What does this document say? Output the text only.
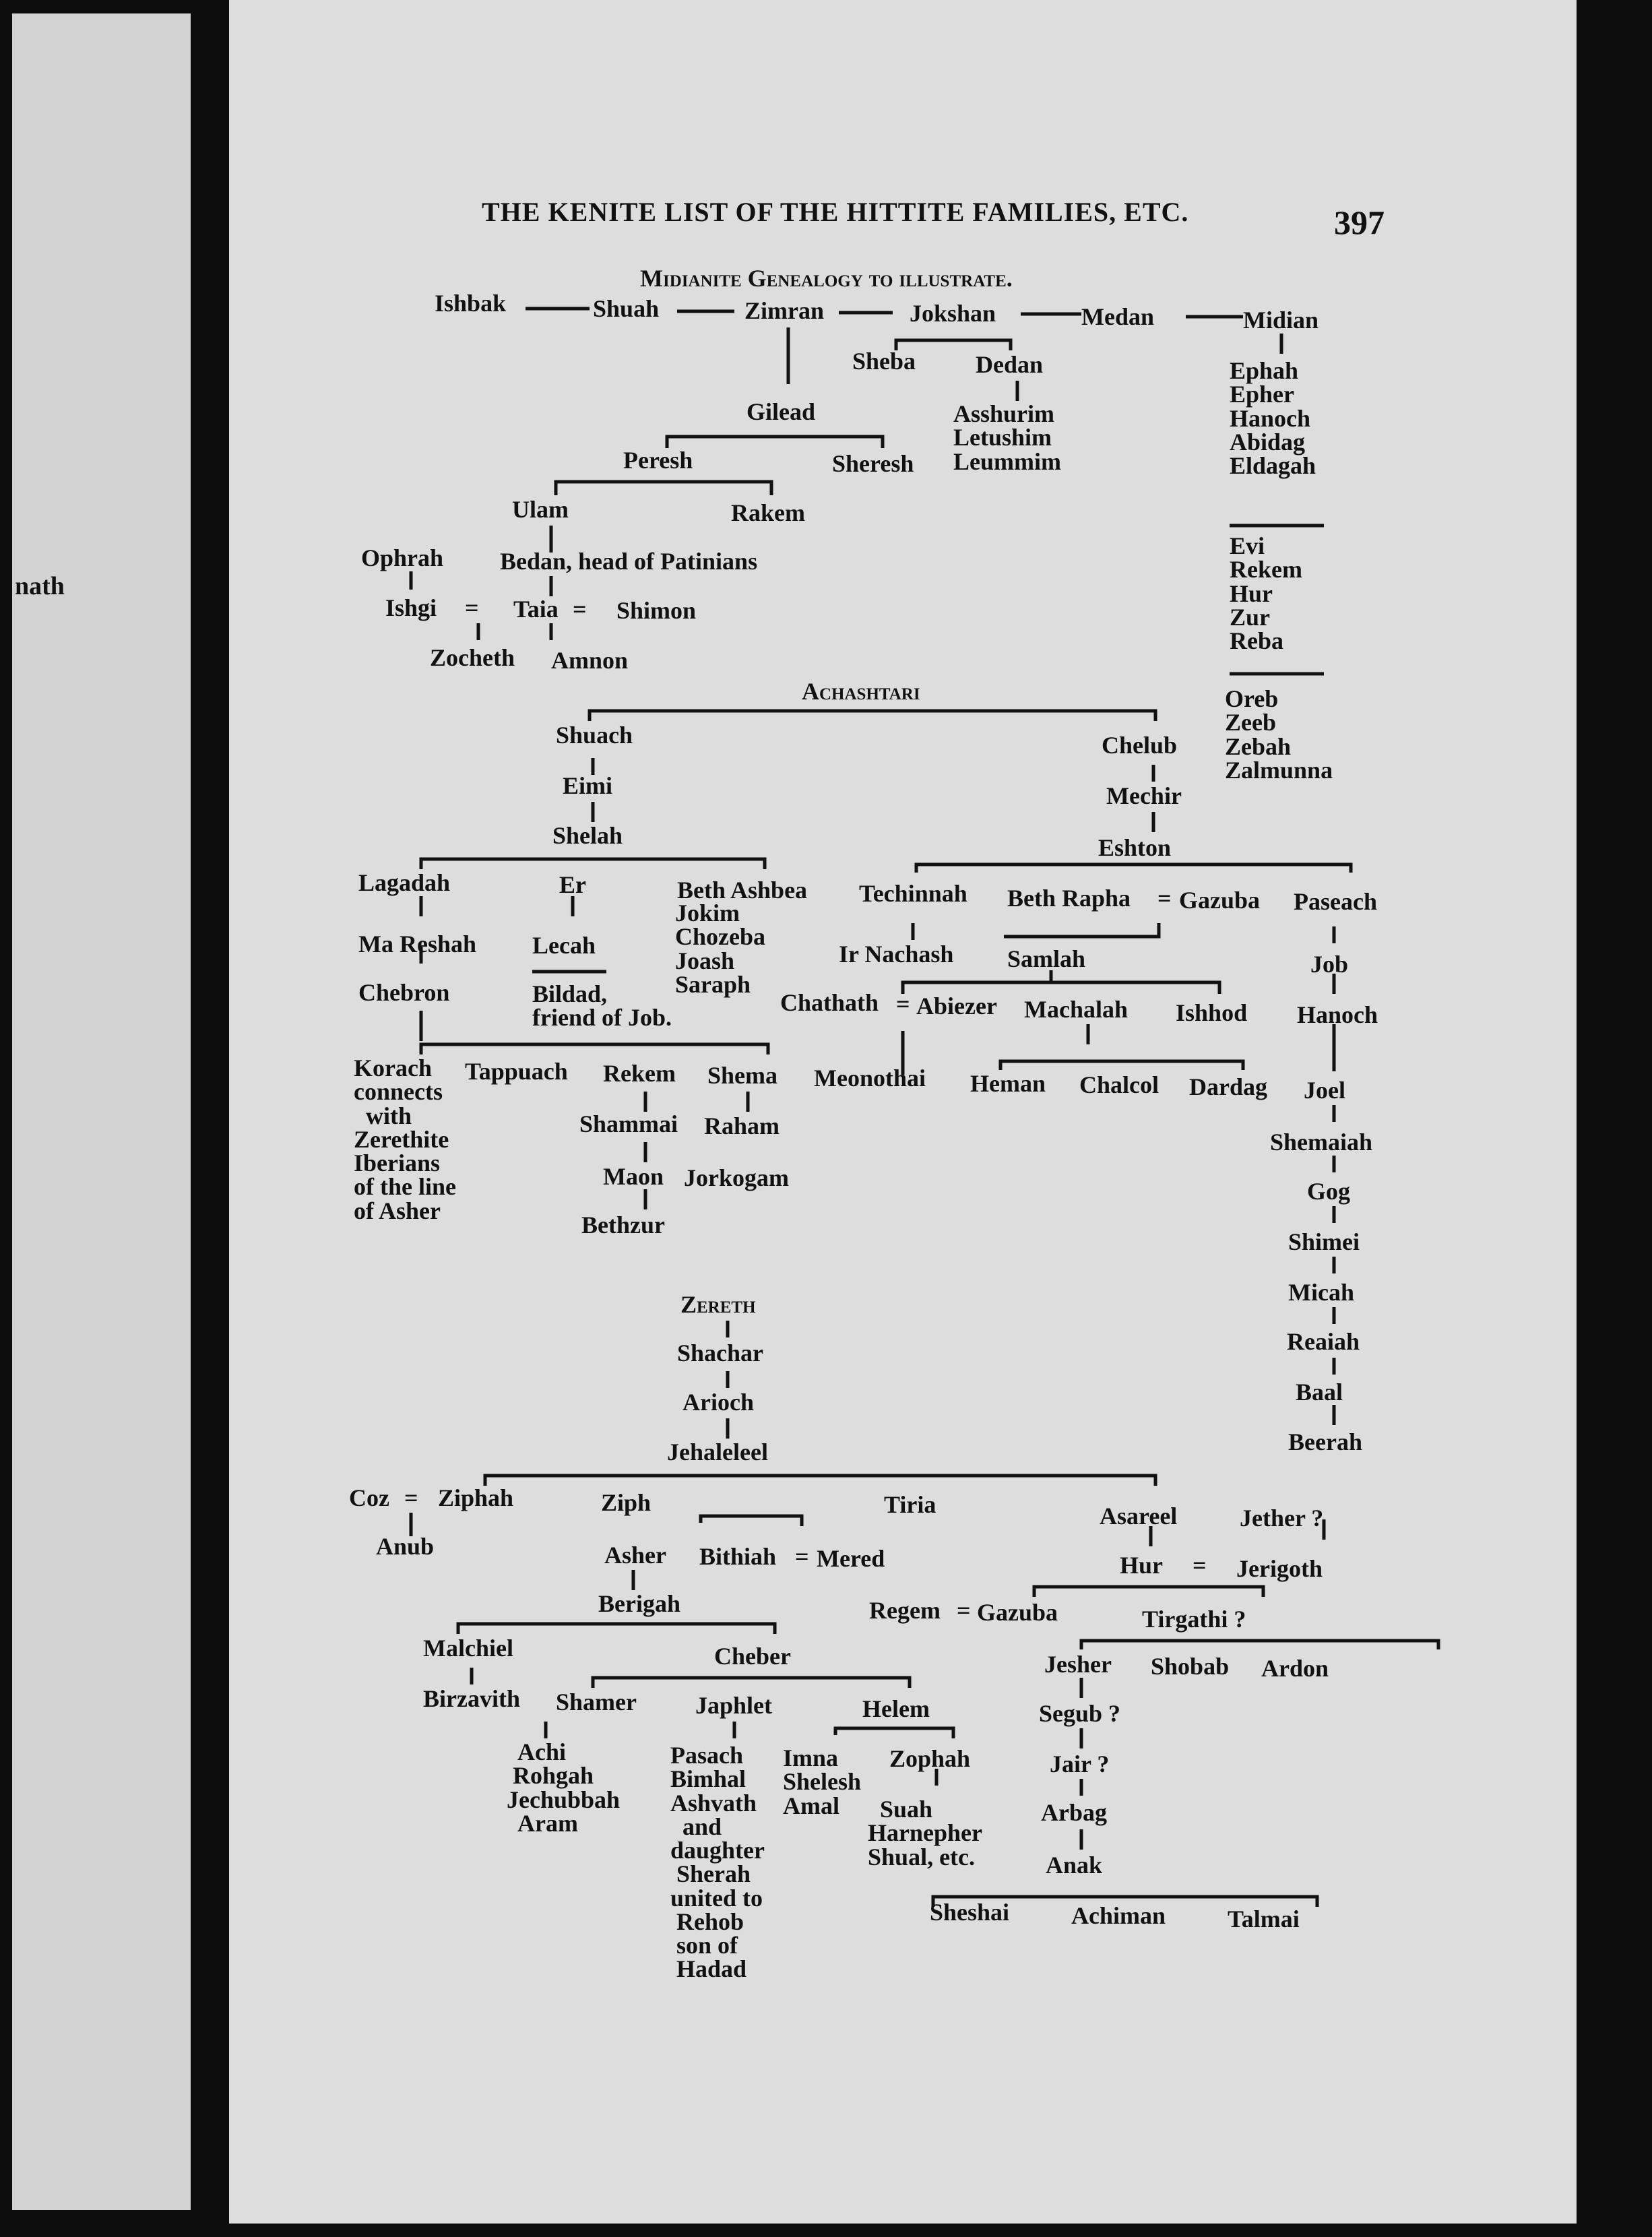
nath
THE KENITE LIST OF THE HITTITE FAMILIES, ETC.	397
Midianite Genealogy to illustrate.
Ishbak	Shuah	Zimran	Jokshan	Medan	Midian
Sheba Dedan
Asshurim
Letushim
Leummim
Ephah
Epher
Hanoch
Abidag
Eldagah
Evi
Rekem
Hur
Zur
Reba
Oreb
Zeeb
Zebah
Zalmunna
Gilead
Peresh	Sheresh
Ulam	Rakem
Ophrah Bedan, head of Patinians
Ishgi = Taia = Shimon
Zocheth Amnon
Achashtari
Shuach	Chelub
Eimi	Mechir
Shelah	Eshton
Lagadah	Er	Beth Ashbea
Jokim
Chozeba
Joash
Saraph
Techinnah Beth Rapha = Gazuba Paseach
Ma Reshah Lecah	Ir Nachash Samlah	Job
Chebron	Bildad,
friend of Job.
Chathath = Abiezer Machalah Ishhod Hanoch
Korach
connects
with
Zerethite
Iberians
of the line
of Asher
Tappuach Rekem Shema Meonothai Heman Chalcol Dardag Joel
Shammai Raham
Shemaiah
Maon Jorkogam	Gog
Bethzur
Shimei
Micah
Reaiah
Baal
Beerah
Zereth
Shachar
Arioch
Jehaleleel
Coz = Ziphah	Ziph	Tiria	Asareel	Jether ?
Anub	Asher Bithiah = Mered	Hur = Jerigoth
Berigah	Regem = Gazuba	Tirgathi ?
Malchiel	Cheber	Jesher Shobab Ardon
Birzavith Shamer Japhlet	Helem	Segub ?
Achi
Rohgah
Jechubbah
Aram
Pasach
Bimhal
Ashvath
and
daughter
Sherah
united to
Rehob
son of
Hadad
Imna
Shelesh
Amal
Zophah	Jair ?
Suah
Harnepher
Shual, etc.
Arbag
Anak
Sheshai	Achiman	Talmai
